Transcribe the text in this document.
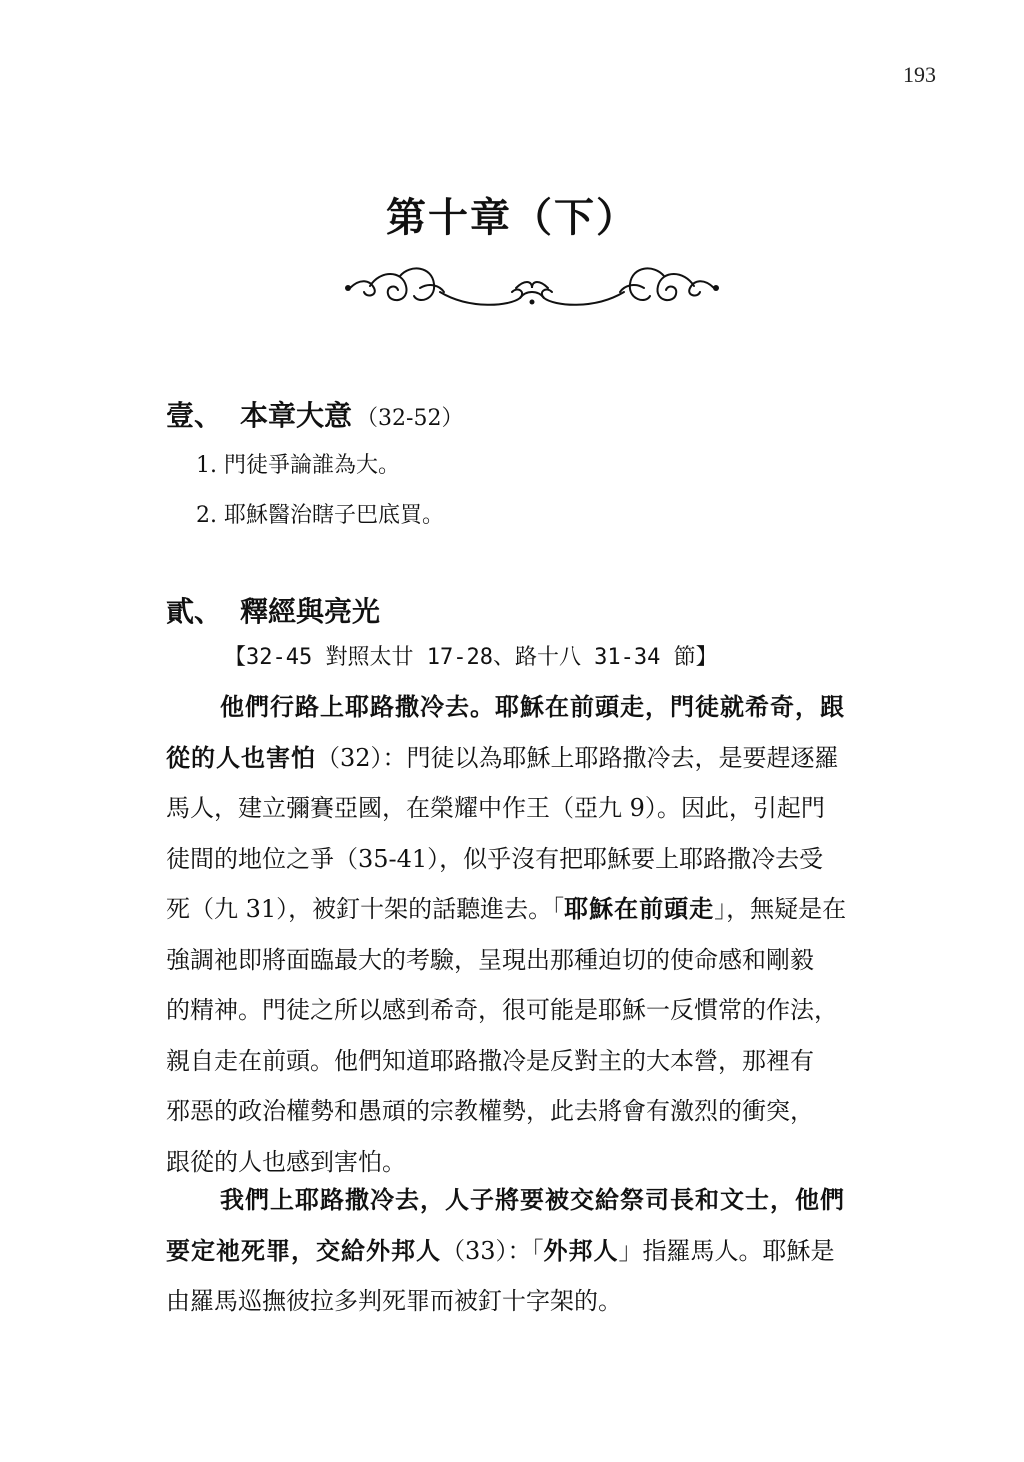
193
第十章（下）
壹、 本章大意 （32-52）
1. 門徒爭論誰為大。
2. 耶穌醫治瞎子巴底買。
貳、 釋經與亮光
【32-45 對照太廿 17-28、路十八 31-34 節】
他們行路上耶路撒冷去。耶穌在前頭走，門徒就希奇，跟
從的人也害怕（32）：門徒以為耶穌上耶路撒冷去，是要趕逐羅
馬人，建立彌賽亞國，在榮耀中作王（亞九 9）。因此，引起門
徒間的地位之爭（35-41），似乎沒有把耶穌要上耶路撒冷去受
死（九 31），被釘十架的話聽進去。「耶穌在前頭走」，無疑是在
強調祂即將面臨最大的考驗，呈現出那種迫切的使命感和剛毅
的精神。門徒之所以感到希奇，很可能是耶穌一反慣常的作法，
親自走在前頭。他們知道耶路撒冷是反對主的大本營，那裡有
邪惡的政治權勢和愚頑的宗教權勢，此去將會有激烈的衝突，
跟從的人也感到害怕。
我們上耶路撒冷去，人子將要被交給祭司長和文士，他們
要定祂死罪，交給外邦人（33）：「外邦人」指羅馬人。耶穌是
由羅馬巡撫彼拉多判死罪而被釘十字架的。
